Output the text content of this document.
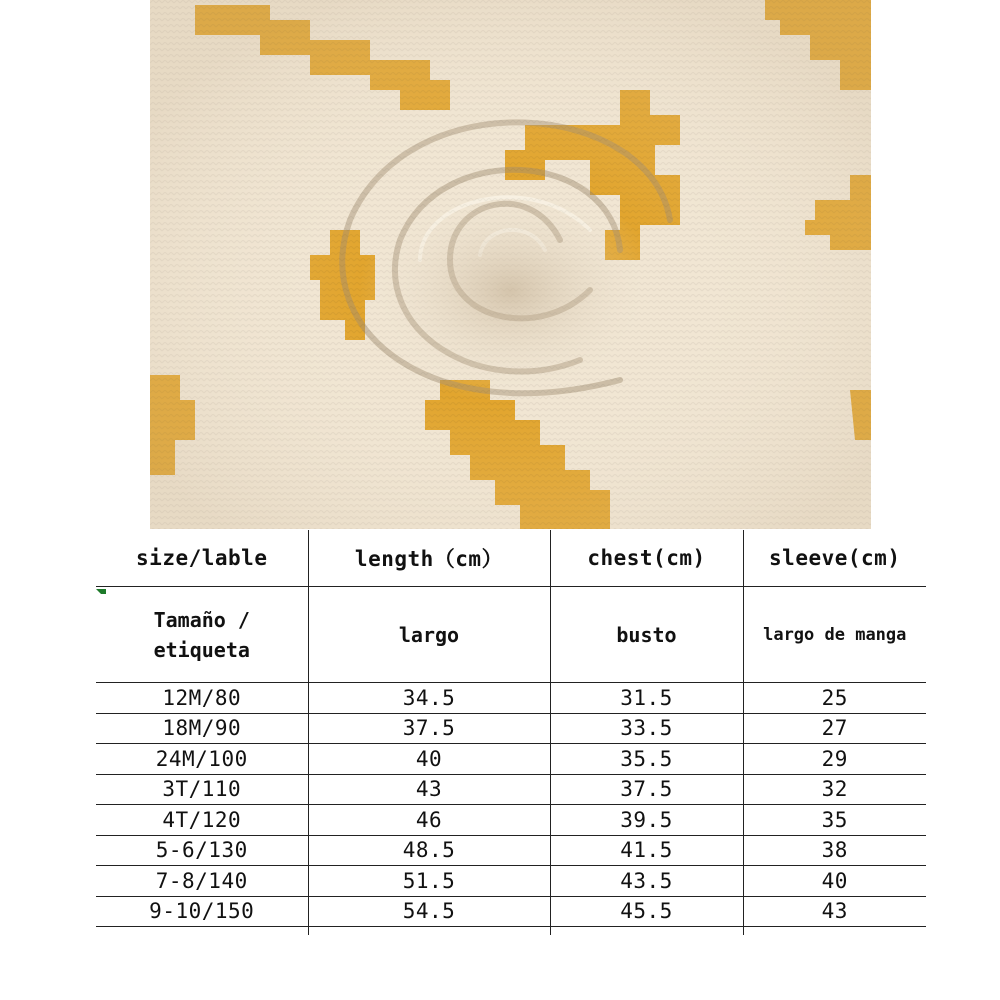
size/lable	length（cm）	chest(cm)	sleeve(cm)
Tamaño / etiqueta	largo	busto	largo de manga
12M/80	34.5	31.5	25
18M/90	37.5	33.5	27
24M/100	40	35.5	29
3T/110	43	37.5	32
4T/120	46	39.5	35
5-6/130	48.5	41.5	38
7-8/140	51.5	43.5	40
9-10/150	54.5	45.5	43
